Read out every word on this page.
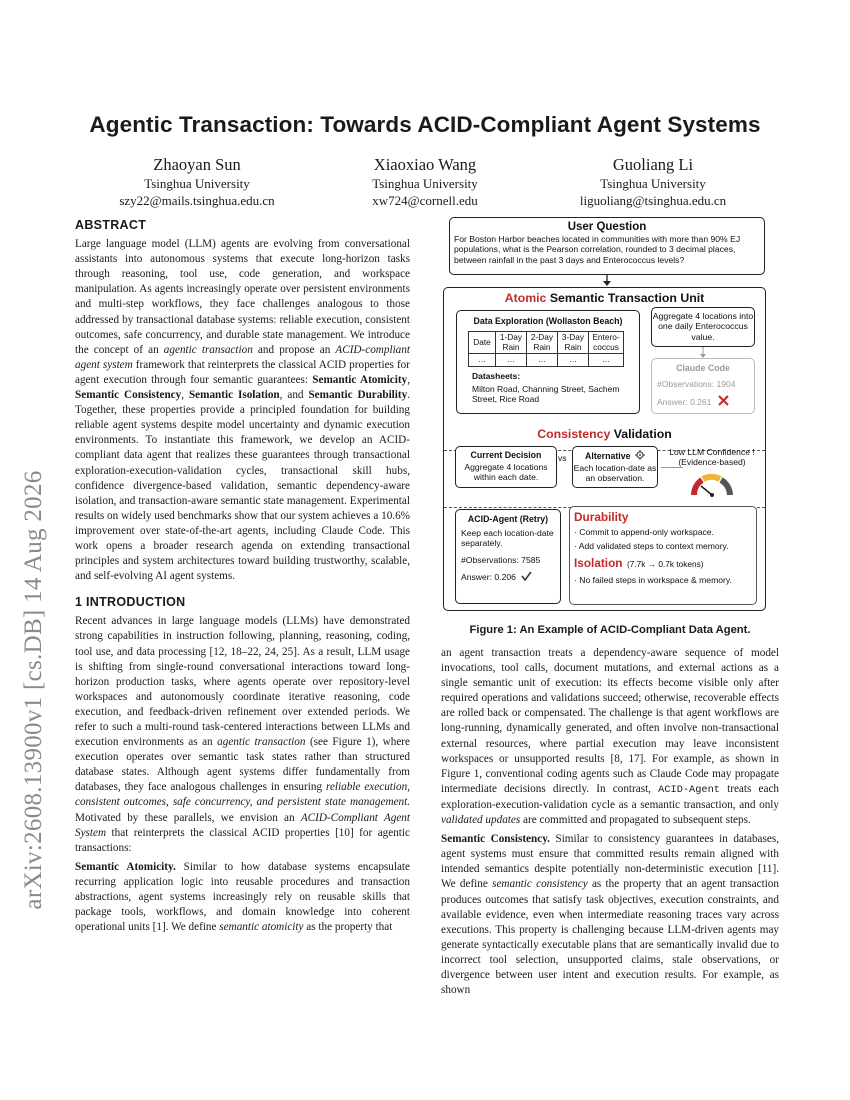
arXiv:2608.13900v1 [cs.DB] 14 Aug 2026
Agentic Transaction: Towards ACID-Compliant Agent Systems
Zhaoyan Sun
Tsinghua University
szy22@mails.tsinghua.edu.cn
Xiaoxiao Wang
Tsinghua University
xw724@cornell.edu
Guoliang Li
Tsinghua University
liguoliang@tsinghua.edu.cn
ABSTRACT

Large language model (LLM) agents are evolving from conversational assistants into autonomous systems that execute long-horizon tasks through reasoning, tool use, code generation, and workspace manipulation. As agents increasingly operate over persistent environments and multi-step workflows, they face challenges analogous to those addressed by transactional database systems: reliable execution, consistent outcomes, safe concurrency, and durable state management. We introduce the concept of an agentic transaction and propose an ACID-compliant agent system framework that reinterprets the classical ACID properties for agent execution through four semantic guarantees: Semantic Atomicity, Semantic Consistency, Semantic Isolation, and Semantic Durability. Together, these properties provide a principled foundation for building reliable agent systems despite model uncertainty and dynamic execution environments. To instantiate this framework, we develop an ACID-compliant data agent that realizes these guarantees through transactional exploration-execution-validation cycles, transactional skill hubs, confidence divergence-based validation, semantic dependency-aware isolation, and transaction-aware semantic state management. Experimental results on widely used benchmarks show that our system achieves a 10.6% improvement over state-of-the-art agents, including Claude Code. This work opens a broader research agenda on extending transactional principles and system architectures toward building trustworthy, scalable, and self-evolving AI agent systems.

1 INTRODUCTION

Recent advances in large language models (LLMs) have demonstrated strong capabilities in instruction following, planning, reasoning, coding, tool use, and data processing [12, 18–22, 24, 25]. As a result, LLM usage is shifting from single-round conversational interactions toward long-horizon production tasks, where agents operate over repository-level workspaces and autonomously coordinate iterative reasoning, code execution, and feedback-driven refinement over extended periods. We refer to such a multi-round task-centered interactions between LLMs and execution environments as an agentic transaction (see Figure 1), where execution operates over semantic task states rather than structured database states. Although agent systems differ fundamentally from databases, they face analogous challenges in ensuring reliable execution, consistent outcomes, safe concurrency, and persistent state management. Motivated by these parallels, we envision an ACID-Compliant Agent System that reinterprets the classical ACID properties [10] for agentic transactions:

Semantic Atomicity. Similar to how database systems encapsulate recurring application logic into reusable procedures and transaction abstractions, agent systems increasingly rely on reusable skills that package tools, workflows, and domain knowledge into coherent operational units [1]. We define semantic atomicity as the property that

User Question
For Boston Harbor beaches located in communities with more than 90% EJ populations, what is the Pearson correlation, rounded to 3 decimal places, between rainfall in the past 3 days and Enterococcus levels?
Atomic Semantic Transaction Unit
Data Exploration (Wollaston Beach)
Date	1-Day Rain	2-Day Rain	3-Day Rain	Entero-coccus
…	…	…	…	…
Datasheets:
Milton Road, Channing Street, Sachem Street, Rice Road
Aggregate 4 locations into one daily Enterococcus value.
Claude Code
#Observations: 1904
Answer: 0.261
Consistency Validation
Current Decision
Aggregate 4 locations within each date.
vs	Alternative
Each location-date as an observation.
Low LLM Confidence ! (Evidence-based)
ACID-Agent (Retry)
Keep each location-date separately.
#Observations: 7585
Answer: 0.206
Durability
· Commit to append-only workspace.
· Add validated steps to context memory.
Isolation (7.7k → 0.7k tokens)
· No failed steps in workspace & memory.
Figure 1: An Example of ACID-Compliant Data Agent.

an agent transaction treats a dependency-aware sequence of model invocations, tool calls, document mutations, and external actions as a single semantic unit of execution: its effects become visible only after required operations and validations succeed; otherwise, recoverable effects are rolled back or compensated. The challenge is that agent workflows are long-running, dynamically generated, and often involve non-transactional external resources, where partial execution may leave inconsistent workspaces or unsupported results [8, 17]. For example, as shown in Figure 1, conventional coding agents such as Claude Code may propagate intermediate decisions directly. In contrast, ACID-Agent treats each exploration-execution-validation cycle as a semantic transaction, and only validated updates are committed and propagated to subsequent steps.

Semantic Consistency. Similar to consistency guarantees in databases, agent systems must ensure that committed results remain aligned with intended semantics despite potentially non-deterministic execution [11]. We define semantic consistency as the property that an agent transaction produces outcomes that satisfy task objectives, execution constraints, and available evidence, even when intermediate reasoning traces vary across executions. This property is challenging because LLM-driven agents may generate syntactically executable plans that are semantically invalid due to incorrect tool selection, unsupported claims, stale observations, or divergence between user intent and execution results. For example, as shown
